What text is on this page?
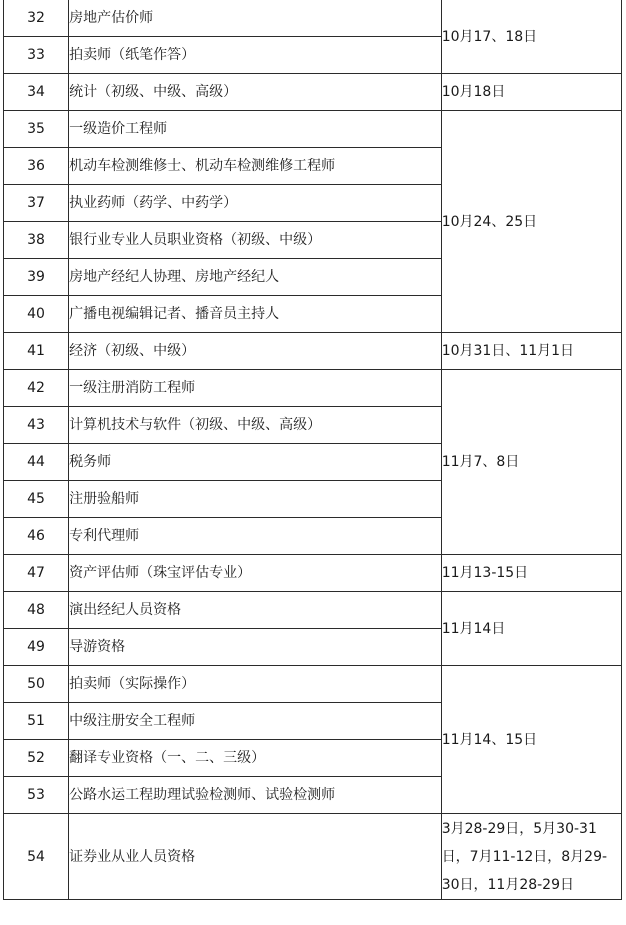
32	房地产估价师	10月17、18日
33	拍卖师（纸笔作答）	
34	统计（初级、中级、高级）	10月18日
35	一级造价工程师	10月24、25日
36	机动车检测维修士、机动车检测维修工程师	
37	执业药师（药学、中药学）	
38	银行业专业人员职业资格（初级、中级）	
39	房地产经纪人协理、房地产经纪人	
40	广播电视编辑记者、播音员主持人	
41	经济（初级、中级）	10月31日、11月1日
42	一级注册消防工程师	11月7、8日
43	计算机技术与软件（初级、中级、高级）	
44	税务师	
45	注册验船师	
46	专利代理师	
47	资产评估师（珠宝评估专业）	11月13-15日
48	演出经纪人员资格	11月14日
49	导游资格	
50	拍卖师（实际操作）	11月14、15日
51	中级注册安全工程师	
52	翻译专业资格（一、二、三级）	
53	公路水运工程助理试验检测师、试验检测师	
54	证券业从业人员资格	3月28-29日，5月30-31日，7月11-12日，8月29-30日，11月28-29日
